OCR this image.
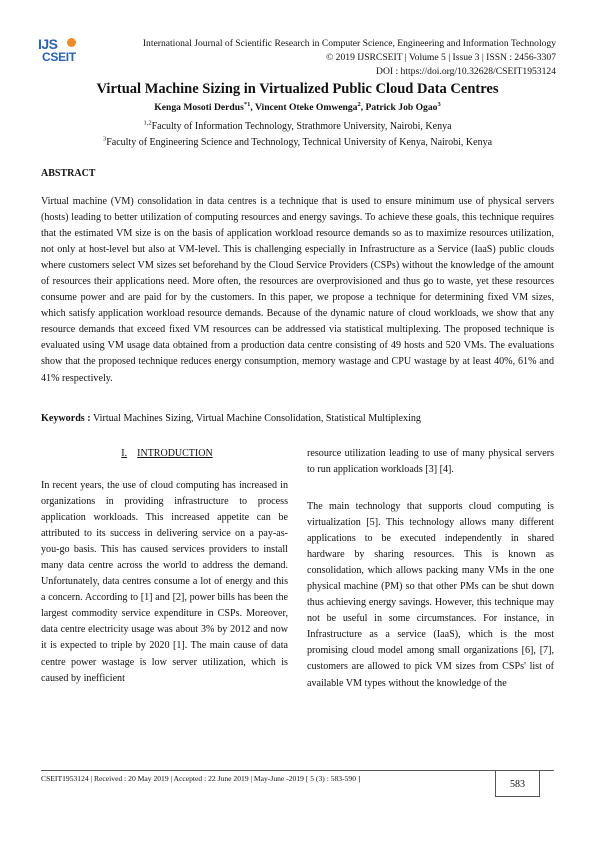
IJS
CSEIT
International Journal of Scientific Research in Computer Science, Engineering and Information Technology
© 2019 IJSRCSEIT | Volume 5 | Issue 3 | ISSN : 2456-3307
DOI : https://doi.org/10.32628/CSEIT1953124
Virtual Machine Sizing in Virtualized Public Cloud Data Centres
Kenga Mosoti Derdus$^{*1}$, Vincent Oteke Omwenga$^2$, Patrick Job Ogao$^3$
$^{1,2}$Faculty of Information Technology, Strathmore University, Nairobi, Kenya
$^3$Faculty of Engineering Science and Technology, Technical University of Kenya, Nairobi, Kenya
ABSTRACT
Virtual machine (VM) consolidation in data centres is a technique that is used to ensure minimum use of physical servers (hosts) leading to better utilization of computing resources and energy savings. To achieve these goals, this technique requires that the estimated VM size is on the basis of application workload resource demands so as to maximize resources utilization, not only at host-level but also at VM-level. This is challenging especially in Infrastructure as a Service (IaaS) public clouds where customers select VM sizes set beforehand by the Cloud Service Providers (CSPs) without the knowledge of the amount of resources their applications need. More often, the resources are overprovisioned and thus go to waste, yet these resources consume power and are paid for by the customers. In this paper, we propose a technique for determining fixed VM sizes, which satisfy application workload resource demands. Because of the dynamic nature of cloud workloads, we show that any resource demands that exceed fixed VM resources can be addressed via statistical multiplexing. The proposed technique is evaluated using VM usage data obtained from a production data centre consisting of 49 hosts and 520 VMs. The evaluations show that the proposed technique reduces energy consumption, memory wastage and CPU wastage by at least 40%, 61% and 41% respectively.
Keywords : Virtual Machines Sizing, Virtual Machine Consolidation, Statistical Multiplexing
I. INTRODUCTION
In recent years, the use of cloud computing has increased in organizations in providing infrastructure to process application workloads. This increased appetite can be attributed to its success in delivering service on a pay-as-you-go basis. This has caused services providers to install many data centre across the world to address the demand. Unfortunately, data centres consume a lot of energy and this a concern. According to [1] and [2], power bills has been the largest commodity service expenditure in CSPs. Moreover, data centre electricity usage was about 3% by 2012 and now it is expected to triple by 2020 [1]. The main cause of data centre power wastage is low server utilization, which is caused by inefficient
resource utilization leading to use of many physical servers to run application workloads [3] [4].
The main technology that supports cloud computing is virtualization [5]. This technology allows many different applications to be executed independently in shared hardware by sharing resources. This is known as consolidation, which allows packing many VMs in the one physical machine (PM) so that other PMs can be shut down thus achieving energy savings. However, this technique may not be useful in some circumstances. For instance, in Infrastructure as a service (IaaS), which is the most promising cloud model among small organizations [6], [7], customers are allowed to pick VM sizes from CSPs' list of available VM types without the knowledge of the
CSEIT1953124 | Received : 20 May 2019 | Accepted : 22 June 2019 | May-June -2019 [ 5 (3) : 583-590 ]
583
